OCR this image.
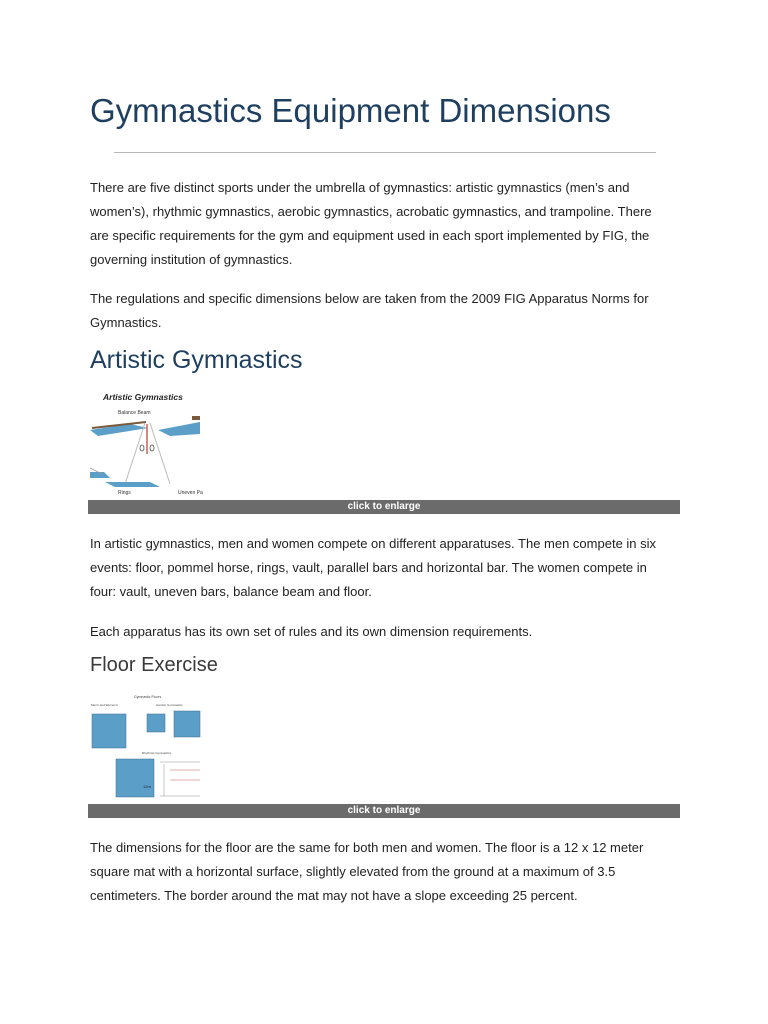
Gymnastics Equipment Dimensions

There are five distinct sports under the umbrella of gymnastics: artistic gymnastics (men’s and women’s), rhythmic gymnastics, aerobic gymnastics, acrobatic gymnastics, and trampoline. There are specific requirements for the gym and equipment used in each sport implemented by FIG, the governing institution of gymnastics.

The regulations and specific dimensions below are taken from the 2009 FIG Apparatus Norms for Gymnastics.

Artistic Gymnastics
Artistic Gymnastics
Balance Beam
Rings	Uneven Pa
click to enlarge

In artistic gymnastics, men and women compete on different apparatuses. The men compete in six events: floor, pommel horse, rings, vault, parallel bars and horizontal bar. The women compete in four: vault, uneven bars, balance beam and floor.

Each apparatus has its own set of rules and its own dimension requirements.

Floor Exercise
Gymnastic Floors
Men's and Women's	Aerobic Gymnastics
Rhythmic Gymnastics
12m
click to enlarge

The dimensions for the floor are the same for both men and women. The floor is a 12 x 12 meter square mat with a horizontal surface, slightly elevated from the ground at a maximum of 3.5 centimeters. The border around the mat may not have a slope exceeding 25 percent.
